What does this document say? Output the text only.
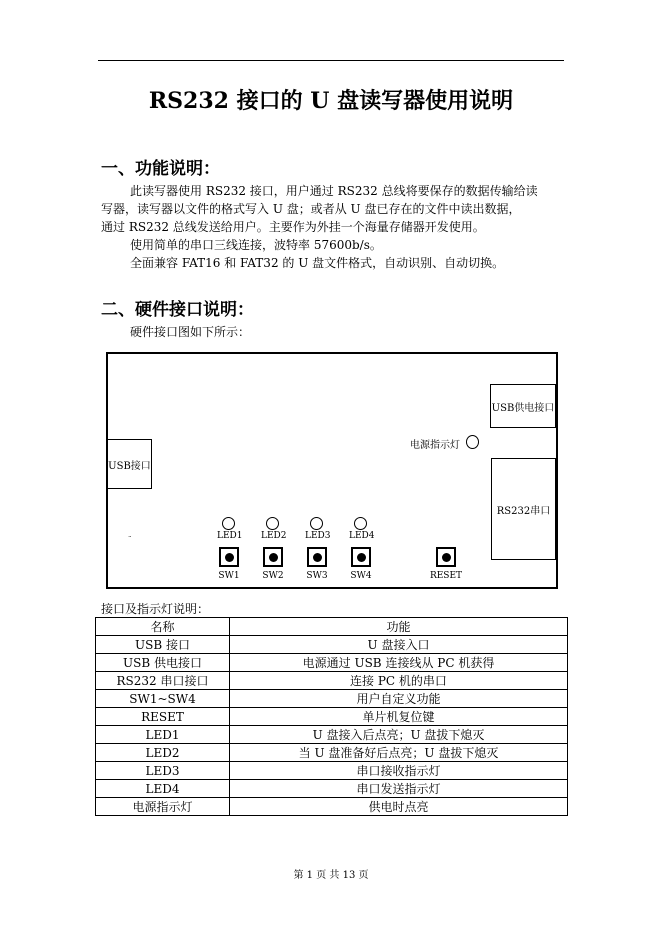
RS232 接口的 U 盘读写器使用说明
一、功能说明：
此读写器使用 RS232 接口，用户通过 RS232 总线将要保存的数据传输给读
写器，读写器以文件的格式写入 U 盘；或者从 U 盘已存在的文件中读出数据，
通过 RS232 总线发送给用户。主要作为外挂一个海量存储器开发使用。
使用简单的串口三线连接，波特率 57600b/s。
全面兼容 FAT16 和 FAT32 的 U 盘文件格式，自动识别、自动切换。
二、硬件接口说明：
硬件接口图如下所示：
USB供电接口
电源指示灯
USB接口
RS232串口
¨	LED1 LED2 LED3 LED4
SW1	SW2	SW3	SW4	RESET
接口及指示灯说明：
名称	功能
USB 接口	U 盘接入口
USB 供电接口	电源通过 USB 连接线从 PC 机获得
RS232 串口接口	连接 PC 机的串口
SW1~SW4	用户自定义功能
RESET	单片机复位键
LED1	U 盘接入后点亮；U 盘拔下熄灭
LED2	当 U 盘准备好后点亮；U 盘拔下熄灭
LED3	串口接收指示灯
LED4	串口发送指示灯
电源指示灯	供电时点亮
第 1 页 共 13 页
